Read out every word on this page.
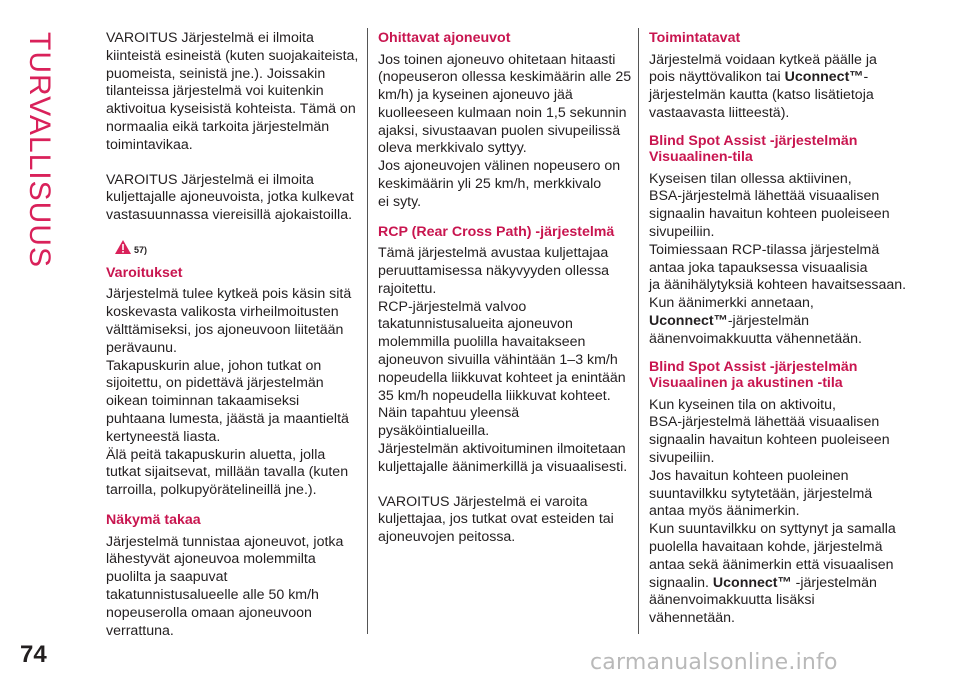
TURVALLISUUS	VAROITUS Järjestelmä ei ilmoita
kiinteistä esineistä (kuten suojakaiteista,
puomeista, seinistä jne.). Joissakin
tilanteissa järjestelmä voi kuitenkin
aktivoitua kyseisistä kohteista. Tämä on
normaalia eikä tarkoita järjestelmän
toimintavikaa.

VAROITUS Järjestelmä ei ilmoita
kuljettajalle ajoneuvoista, jotka kulkevat
vastasuunnassa viereisillä ajokaistoilla.

57)
Varoitukset

Järjestelmä tulee kytkeä pois käsin sitä
koskevasta valikosta virheilmoitusten
välttämiseksi, jos ajoneuvoon liitetään
perävaunu.
Takapuskurin alue, johon tutkat on
sijoitettu, on pidettävä järjestelmän
oikean toiminnan takaamiseksi
puhtaana lumesta, jäästä ja maantieltä
kertyneestä liasta.
Älä peitä takapuskurin aluetta, jolla
tutkat sijaitsevat, millään tavalla (kuten
tarroilla, polkupyörätelineillä jne.).

Näkymä takaa

Järjestelmä tunnistaa ajoneuvot, jotka
lähestyvät ajoneuvoa molemmilta
puolilta ja saapuvat
takatunnistusalueelle alle 50 km/h
nopeuserolla omaan ajoneuvoon
verrattuna.

Ohittavat ajoneuvot

Jos toinen ajoneuvo ohitetaan hitaasti
(nopeuseron ollessa keskimäärin alle 25
km/h) ja kyseinen ajoneuvo jää
kuolleeseen kulmaan noin 1,5 sekunnin
ajaksi, sivustaavan puolen sivupeilissä
oleva merkkivalo syttyy.
Jos ajoneuvojen välinen nopeusero on
keskimäärin yli 25 km/h, merkkivalo
ei syty.

RCP (Rear Cross Path) -järjestelmä

Tämä järjestelmä avustaa kuljettajaa
peruuttamisessa näkyvyyden ollessa
rajoitettu.
RCP-järjestelmä valvoo
takatunnistusalueita ajoneuvon
molemmilla puolilla havaitakseen
ajoneuvon sivuilla vähintään 1–3 km/h
nopeudella liikkuvat kohteet ja enintään
35 km/h nopeudella liikkuvat kohteet.
Näin tapahtuu yleensä
pysäköintialueilla.
Järjestelmän aktivoituminen ilmoitetaan
kuljettajalle äänimerkillä ja visuaalisesti.

VAROITUS Järjestelmä ei varoita
kuljettajaa, jos tutkat ovat esteiden tai
ajoneuvojen peitossa.

Toimintatavat

Järjestelmä voidaan kytkeä päälle ja
pois näyttövalikon tai Uconnect™-
järjestelmän kautta (katso lisätietoja
vastaavasta liitteestä).

Blind Spot Assist -järjestelmän
Visuaalinen-tila

Kyseisen tilan ollessa aktiivinen,
BSA-järjestelmä lähettää visuaalisen
signaalin havaitun kohteen puoleiseen
sivupeiliin.
Toimiessaan RCP-tilassa järjestelmä
antaa joka tapauksessa visuaalisia
ja äänihälytyksiä kohteen havaitsessaan.
Kun äänimerkki annetaan,
Uconnect™-järjestelmän
äänenvoimakkuutta vähennetään.

Blind Spot Assist -järjestelmän
Visuaalinen ja akustinen -tila

Kun kyseinen tila on aktivoitu,
BSA-järjestelmä lähettää visuaalisen
signaalin havaitun kohteen puoleiseen
sivupeiliin.
Jos havaitun kohteen puoleinen
suuntavilkku sytytetään, järjestelmä
antaa myös äänimerkin.
Kun suuntavilkku on syttynyt ja samalla
puolella havaitaan kohde, järjestelmä
antaa sekä äänimerkin että visuaalisen
signaalin. Uconnect™ -järjestelmän
äänenvoimakkuutta lisäksi
vähennetään.

74	carmanualsonline.info
